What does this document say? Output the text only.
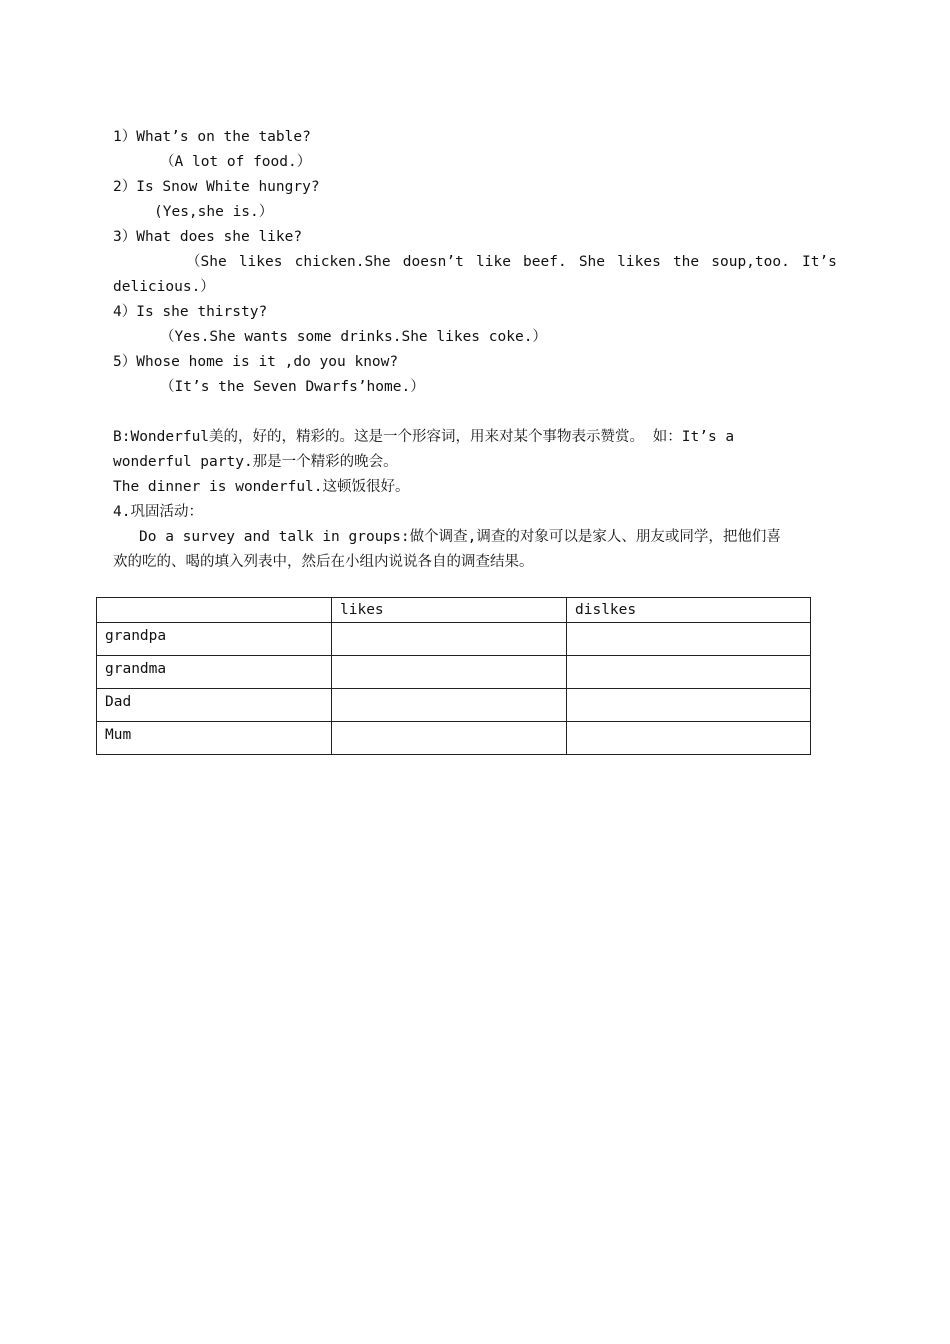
1）What’s on the table?
（A lot of food.）
2）Is Snow White hungry?
(Yes,she is.）
3）What does she like?
（She likes chicken.She doesn’t like beef. She likes the soup,too. It’s
delicious.）
4）Is she thirsty?
（Yes.She wants some drinks.She likes coke.）
5）Whose home is it ,do you know?
（It’s the Seven Dwarfs’home.）
B:Wonderful美的，好的，精彩的。这是一个形容词，用来对某个事物表示赞赏。 如：It’s a
wonderful party.那是一个精彩的晚会。
The dinner is wonderful.这顿饭很好。
4.巩固活动：
Do a survey and talk in groups:做个调查,调查的对象可以是家人、朋友或同学，把他们喜
欢的吃的、喝的填入列表中，然后在小组内说说各自的调查结果。
	likes	dislkes
grandpa		
grandma		
Dad		
Mum		
